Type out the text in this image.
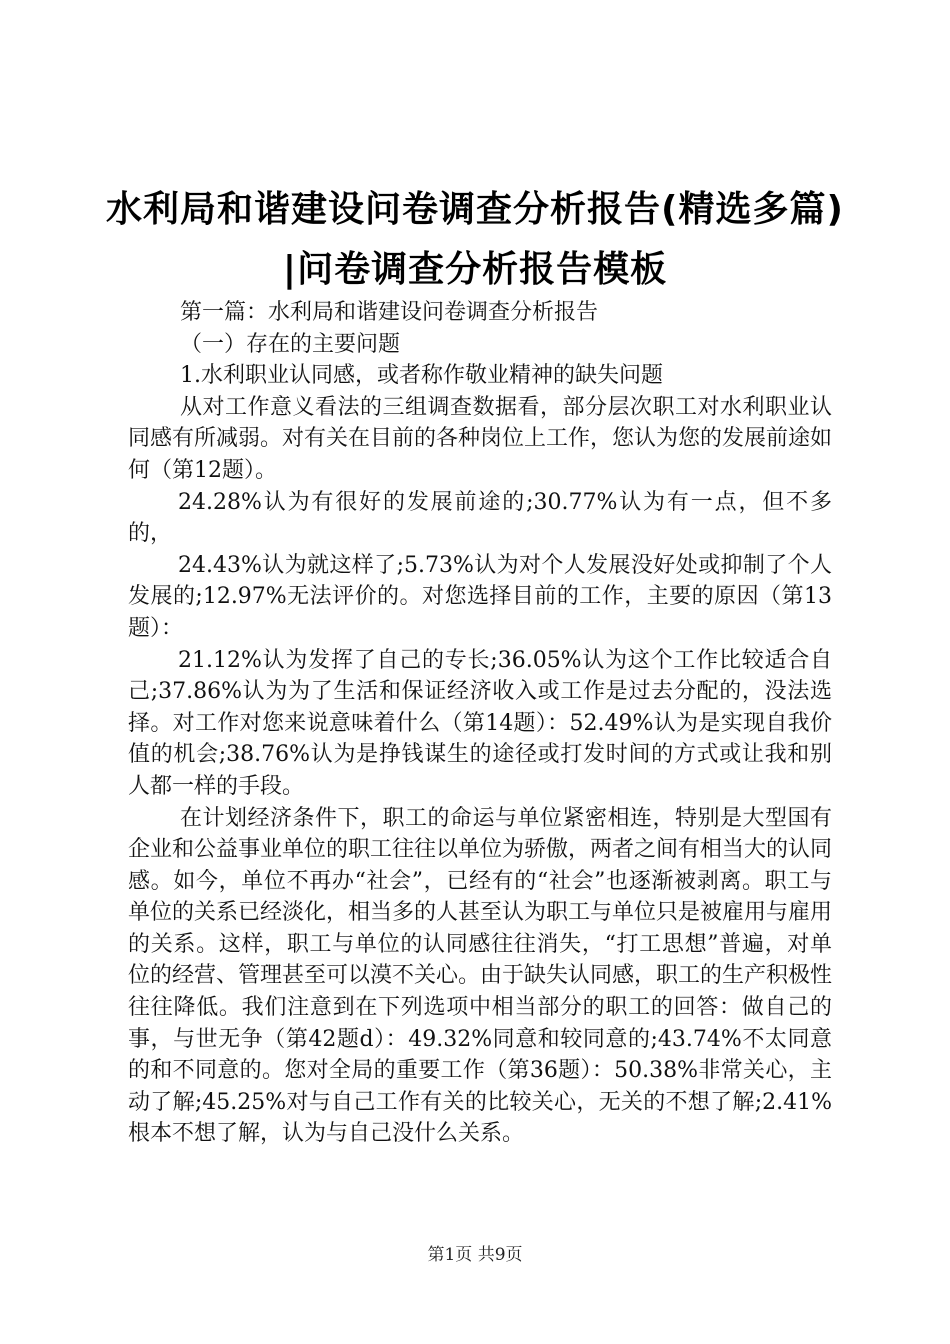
水利局和谐建设问卷调查分析报告(精选多篇)
|问卷调查分析报告模板

第一篇：水利局和谐建设问卷调查分析报告

（一）存在的主要问题

1.水利职业认同感，或者称作敬业精神的缺失问题

从对工作意义看法的三组调查数据看，部分层次职工对水利职业认同感有所减弱。对有关在目前的各种岗位上工作，您认为您的发展前途如何（第12题）。

24.28%认为有很好的发展前途的;30.77%认为有一点，但不多的，

24.43%认为就这样了;5.73%认为对个人发展没好处或抑制了个人发展的;12.97%无法评价的。对您选择目前的工作，主要的原因（第13题）：

21.12%认为发挥了自己的专长;36.05%认为这个工作比较适合自己;37.86%认为为了生活和保证经济收入或工作是过去分配的，没法选择。对工作对您来说意味着什么（第14题）：52.49%认为是实现自我价值的机会;38.76%认为是挣钱谋生的途径或打发时间的方式或让我和别人都一样的手段。

在计划经济条件下，职工的命运与单位紧密相连，特别是大型国有企业和公益事业单位的职工往往以单位为骄傲，两者之间有相当大的认同感。如今，单位不再办“社会”，已经有的“社会”也逐渐被剥离。职工与单位的关系已经淡化，相当多的人甚至认为职工与单位只是被雇用与雇用的关系。这样，职工与单位的认同感往往消失，“打工思想”普遍，对单位的经营、管理甚至可以漠不关心。由于缺失认同感，职工的生产积极性往往降低。我们注意到在下列选项中相当部分的职工的回答：做自己的事，与世无争（第42题d）：49.32%同意和较同意的;43.74%不太同意的和不同意的。您对全局的重要工作（第36题）：50.38%非常关心，主动了解;45.25%对与自己工作有关的比较关心，无关的不想了解;2.41%根本不想了解，认为与自己没什么关系。

第1页 共9页
